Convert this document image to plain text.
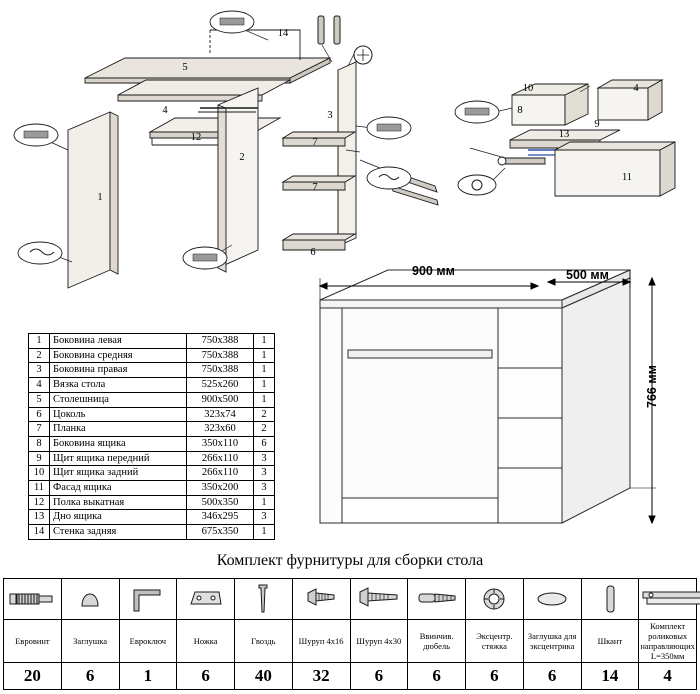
1
2
3
4
5
6
7
7
12
14
8
10
9
4
13
11
1	Боковина левая	750х388	1
2	Боковина средняя	750х388	1
3	Боковина правая	750х388	1
4	Вязка стола	525х260	1
5	Столешница	900х500	1
6	Цоколь	323х74	2
7	Планка	323х60	2
8	Боковина ящика	350х110	6
9	Щит ящика передний	266х110	3
10	Щит ящика задний	266х110	3
11	Фасад ящика	350х200	3
12	Полка выкатная	500х350	1
13	Дно ящика	346х295	3
14	Стенка задняя	675х350	1
900 мм	500 мм
766 мм
Комплект фурнитуры для сборки стола

Евровинт	Заглушка	Евроключ	Ножка	Гвоздь	Шуруп 4х16	Шуруп 4х30	Ввинчив. дюбель	Эксцентр. стяжка	Заглушка для эксцентрика	Шкант	Комплект роликовых направляющих L=350мм
20	6	1	6	40	32	6	6	6	6	14	4
